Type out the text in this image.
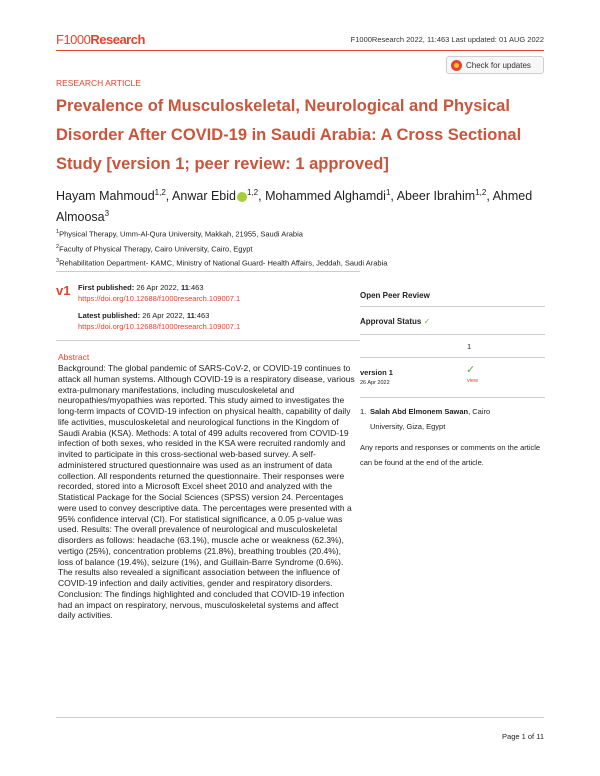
F1000Research	F1000Research 2022, 11:463 Last updated: 01 AUG 2022
Check for updates
RESEARCH ARTICLE
Prevalence of Musculoskeletal, Neurological and Physical Disorder After COVID-19 in Saudi Arabia: A Cross Sectional Study [version 1; peer review: 1 approved]
Hayam Mahmoud$^{1,2}$, Anwar Ebid $^{1,2}$, Mohammed Alghamdi$^1$, Abeer Ibrahim$^{1,2}$, Ahmed Almoosa$^3$
$^1$Physical Therapy, Umm-Al-Qura University, Makkah, 21955, Saudi Arabia
$^2$Faculty of Physical Therapy, Cairo University, Cairo, Egypt
$^3$Rehabilitation Department- KAMC, Ministry of National Guard- Health Affairs, Jeddah, Saudi Arabia
v1 First published: 26 Apr 2022, 11:463
https://doi.org/10.12688/f1000research.109007.1
Latest published: 26 Apr 2022, 11:463
https://doi.org/10.12688/f1000research.109007.1
Abstract
Background: The global pandemic of SARS-CoV-2, or COVID-19 continues to attack all human systems. Although COVID-19 is a respiratory disease, various extra-pulmonary manifestations, including musculoskeletal and neuropathies/myopathies was reported. This study aimed to investigates the long-term impacts of COVID-19 infection on physical health, capability of daily life activities, musculoskeletal and neurological functions in the Kingdom of Saudi Arabia (KSA). Methods: A total of 499 adults recovered from COVID-19 infection of both sexes, who resided in the KSA were recruited randomly and invited to participate in this cross-sectional web-based survey. A self-administered structured questionnaire was used as an instrument of data collection. All respondents returned the questionnaire. Their responses were recorded, stored into a Microsoft Excel sheet 2010 and analyzed with the Statistical Package for the Social Sciences (SPSS) version 24. Percentages were used to convey descriptive data. The percentages were presented with a 95% confidence interval (CI). For statistical significance, a 0.05 p-value was used. Results: The overall prevalence of neurological and musculoskeletal disorders as follows: headache (63.1%), muscle ache or weakness (62.3%), vertigo (25%), concentration problems (21.8%), breathing troubles (20.4%), loss of balance (19.4%), seizure (1%), and Guillain-Barre Syndrome (0.6%). The results also revealed a significant association between the influence of COVID-19 infection and daily activities, gender and respiratory disorders. Conclusion: The findings highlighted and concluded that COVID-19 infection had an impact on respiratory, nervous, musculoskeletal systems and affect daily activities.
Open Peer Review
Approval Status ✓
1
version 1
26 Apr 2022
✓
view
1. Salah Abd Elmonem Sawan, Cairo
University, Giza, Egypt
Any reports and responses or comments on the article can be found at the end of the article.
Page 1 of 11
